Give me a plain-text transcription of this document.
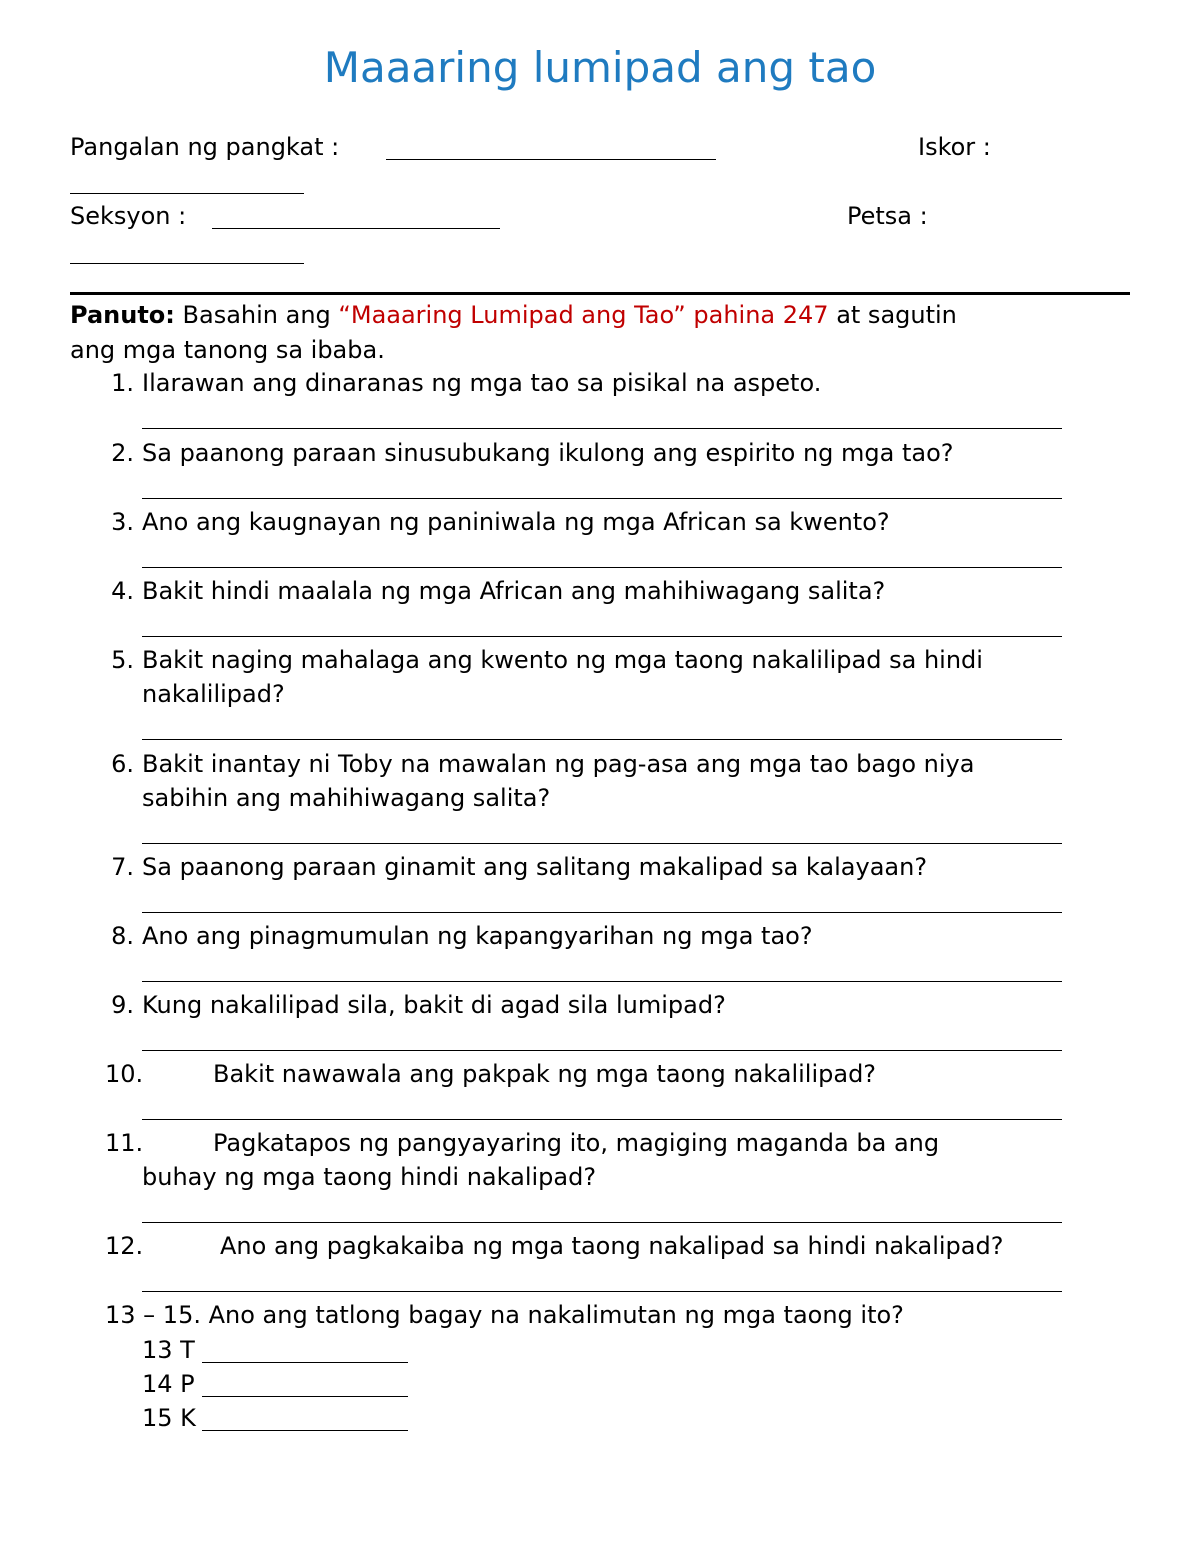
Maaaring lumipad ang tao
Pangalan ng pangkat :	Iskor :
Seksyon :	Petsa :
Panuto: Basahin ang “Maaaring Lumipad ang Tao” pahina 247 at sagutin
ang mga tanong sa ibaba.
1. Ilarawan ang dinaranas ng mga tao sa pisikal na aspeto.
2. Sa paanong paraan sinusubukang ikulong ang espirito ng mga tao?
3. Ano ang kaugnayan ng paniniwala ng mga African sa kwento?
4. Bakit hindi maalala ng mga African ang mahihiwagang salita?
5. Bakit naging mahalaga ang kwento ng mga taong nakalilipad sa hindi
nakalilipad?
6. Bakit inantay ni Toby na mawalan ng pag-asa ang mga tao bago niya
sabihin ang mahihiwagang salita?
7. Sa paanong paraan ginamit ang salitang makalipad sa kalayaan?
8. Ano ang pinagmumulan ng kapangyarihan ng mga tao?
9. Kung nakalilipad sila, bakit di agad sila lumipad?
10.	Bakit nawawala ang pakpak ng mga taong nakalilipad?
11.	Pagkatapos ng pangyayaring ito, magiging maganda ba ang
buhay ng mga taong hindi nakalipad?
12.	Ano ang pagkakaiba ng mga taong nakalipad sa hindi nakalipad?
13 – 15. Ano ang tatlong bagay na nakalimutan ng mga taong ito?
13 T
14 P
15 K
